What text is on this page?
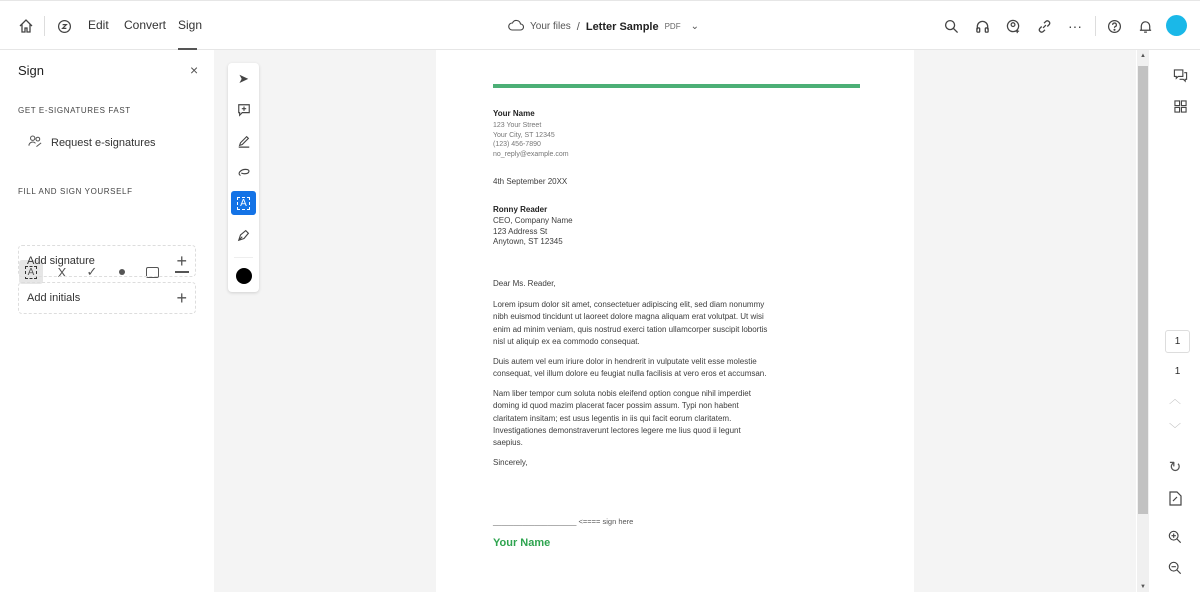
Edit Convert Sign	Your files / Letter Sample PDF ⌄	···
Sign	×
GET E-SIGNATURES FAST
Request e-signatures
FILL AND SIGN YOURSELF
A X ✓
Add signature	+
Add initials	+
➤
A
Your Name
123 Your Street
Your City, ST 12345
(123) 456-7890
no_reply@example.com
4th September 20XX
Ronny Reader
CEO, Company Name
123 Address St
Anytown, ST 12345
Dear Ms. Reader,
Lorem ipsum dolor sit amet, consectetuer adipiscing elit, sed diam nonummy
nibh euismod tincidunt ut laoreet dolore magna aliquam erat volutpat. Ut wisi
enim ad minim veniam, quis nostrud exerci tation ullamcorper suscipit lobortis
nisl ut aliquip ex ea commodo consequat.
Duis autem vel eum iriure dolor in hendrerit in vulputate velit esse molestie
consequat, vel illum dolore eu feugiat nulla facilisis at vero eros et accumsan.
Nam liber tempor cum soluta nobis eleifend option congue nihil imperdiet
doming id quod mazim placerat facer possim assum. Typi non habent
claritatem insitam; est usus legentis in iis qui facit eorum claritatem.
Investigationes demonstraverunt lectores legere me lius quod ii legunt
saepius.
Sincerely,
____________________ <==== sign here
Your Name
▲
▼
1
1
︿
﹀
↻
